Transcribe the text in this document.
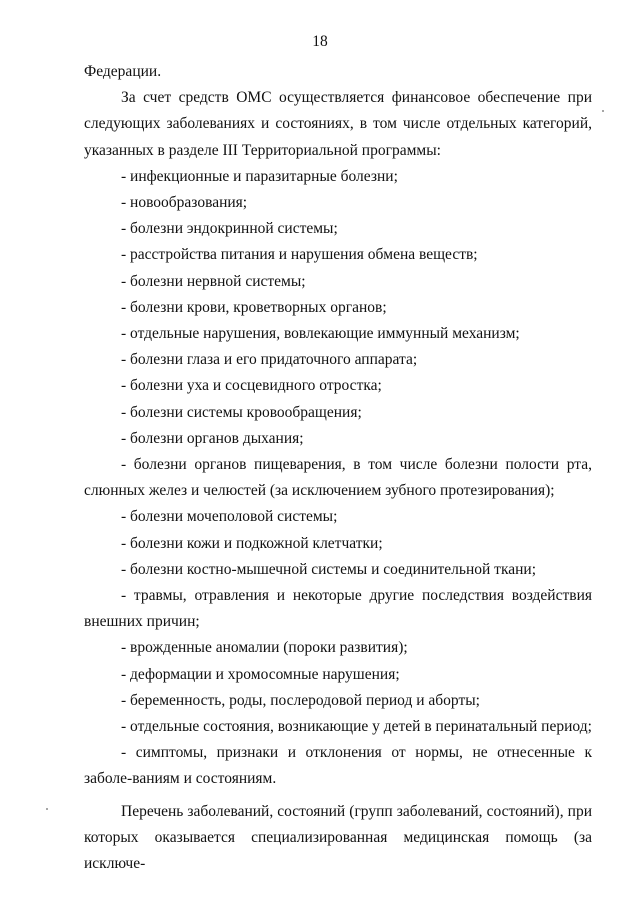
18

Федерации.

За счет средств ОМС осуществляется финансовое обеспечение при следующих заболеваниях и состояниях, в том числе отдельных категорий, указанных в разделе III Территориальной программы:

- инфекционные и паразитарные болезни;

- новообразования;

- болезни эндокринной системы;

- расстройства питания и нарушения обмена веществ;

- болезни нервной системы;

- болезни крови, кроветворных органов;

- отдельные нарушения, вовлекающие иммунный механизм;

- болезни глаза и его придаточного аппарата;

- болезни уха и сосцевидного отростка;

- болезни системы кровообращения;

- болезни органов дыхания;

- болезни органов пищеварения, в том числе болезни полости рта, слюнных желез и челюстей (за исключением зубного протезирования);

- болезни мочеполовой системы;

- болезни кожи и подкожной клетчатки;

- болезни костно-мышечной системы и соединительной ткани;

- травмы, отравления и некоторые другие последствия воздействия внешних причин;

- врожденные аномалии (пороки развития);

- деформации и хромосомные нарушения;

- беременность, роды, послеродовой период и аборты;

- отдельные состояния, возникающие у детей в перинатальный период;

- симптомы, признаки и отклонения от нормы, не отнесенные к заболе-ваниям и состояниям.

Перечень заболеваний, состояний (групп заболеваний, состояний), при которых оказывается специализированная медицинская помощь (за исключе-
